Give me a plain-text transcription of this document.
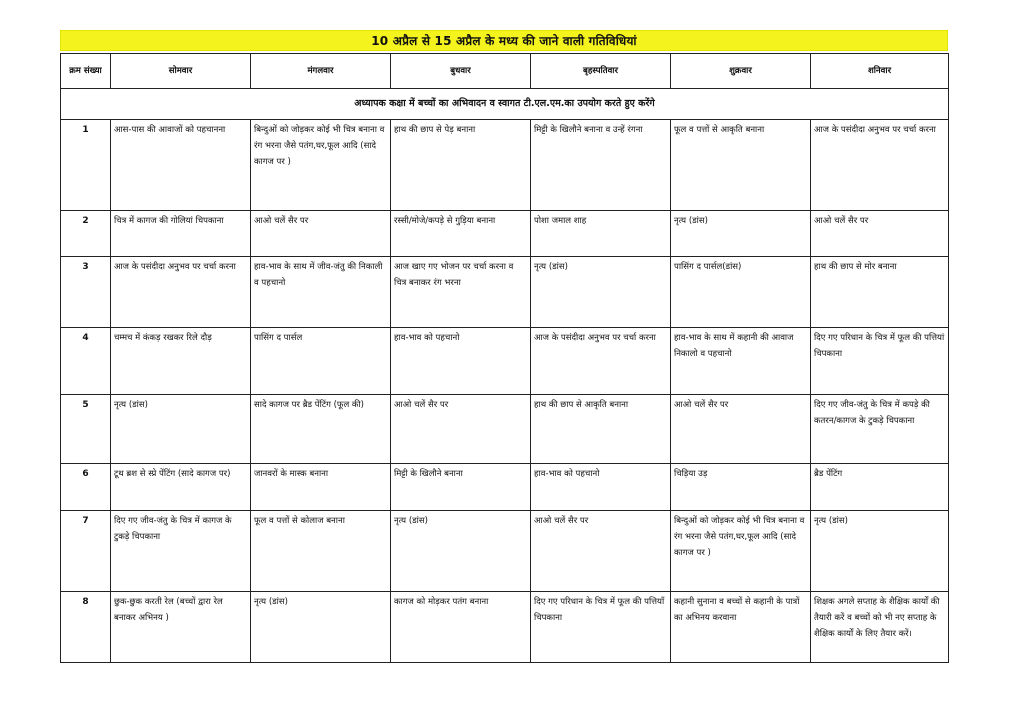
10 अप्रैल से 15 अप्रैल के मध्य की जाने वाली गतिविधियां
क्रम संख्या	सोमवार	मंगलवार	बुधवार	बृहस्पतिवार	शुक्रवार	शनिवार
अध्यापक कक्षा में बच्चों का अभिवादन व स्वागत टी.एल.एम.का उपयोग करते हुए करेंगे						
1	आस-पास की आवाजों को पहचानना	बिन्दुओं को जोड़कर कोई भी चित्र बनाना व रंग भरना जैसे पतंग,घर,फूल आदि (सादे कागज पर )	हाथ की छाप से पेड़ बनाना	मिट्टी के खिलौने बनाना व उन्हें रंगना	फूल व पत्तों से आकृति बनाना	आज के पसंदीदा अनुभव पर चर्चा करना
2	चित्र में कागज की गोलियां चिपकाना	आओ चलें सैर पर	रस्सी/मोजे/कपड़े से गुड़िया बनाना	पोशा जमाल शाह	नृत्य (डांस)	आओ चलें सैर पर
3	आज के पसंदीदा अनुभव पर चर्चा करना	हाव-भाव के साथ में जीव-जंतु की निकाली व पहचानो	आज खाए गए भोजन पर चर्चा करना व चित्र बनाकर रंग भरना	नृत्य (डांस)	पासिंग द पार्सल(डांस)	हाथ की छाप से मोर बनाना
4	चम्मच में कंकड़ रखकर रिले दौड़	पासिंग द पार्सल	हाव-भाव को पहचानो	आज के पसंदीदा अनुभव पर चर्चा करना	हाव-भाव के साथ में कहानी की आवाज निकालो व पहचानो	दिए गए परिधान के चित्र में फूल की पत्तियां चिपकाना
5	नृत्य (डांस)	सादे कागज पर ब्रैड पेंटिंग (फूल की)	आओ चलें सैर पर	हाथ की छाप से आकृति बनाना	आओ चलें सैर पर	दिए गए जीव-जंतु के चित्र में कपड़े की कतरन/कागज के टुकड़े चिपकाना
6	टूथ ब्रश से स्प्रे पेंटिंग (सादे कागज पर)	जानवरों के मास्क बनाना	मिट्टी के खिलौने बनाना	हाव-भाव को पहचानो	चिड़िया उड़	ब्रैड पेंटिंग
7	दिए गए जीव-जंतु के चित्र में कागज के टुकड़े चिपकाना	फूल व पत्तों से कोलाज बनाना	नृत्य (डांस)	आओ चलें सैर पर	बिन्दुओं को जोड़कर कोई भी चित्र बनाना व रंग भरना जैसे पतंग,घर,फूल आदि (सादे कागज पर )	नृत्य (डांस)
8	छुक-छुक करती रेल (बच्चों द्वारा रेल बनाकर अभिनय )	नृत्य (डांस)	कागज को मोड़कर पतंग बनाना	दिए गए परिधान के चित्र में फूल की पत्तियाँ चिपकाना	कहानी सुनाना व बच्चों से कहानी के पात्रों का अभिनय करवाना	शिक्षक अगले सप्ताह के शैक्षिक कार्यों की तैयारी करें व बच्चों को भी नए सप्ताह के शैक्षिक कार्यों के लिए तैयार करें।
